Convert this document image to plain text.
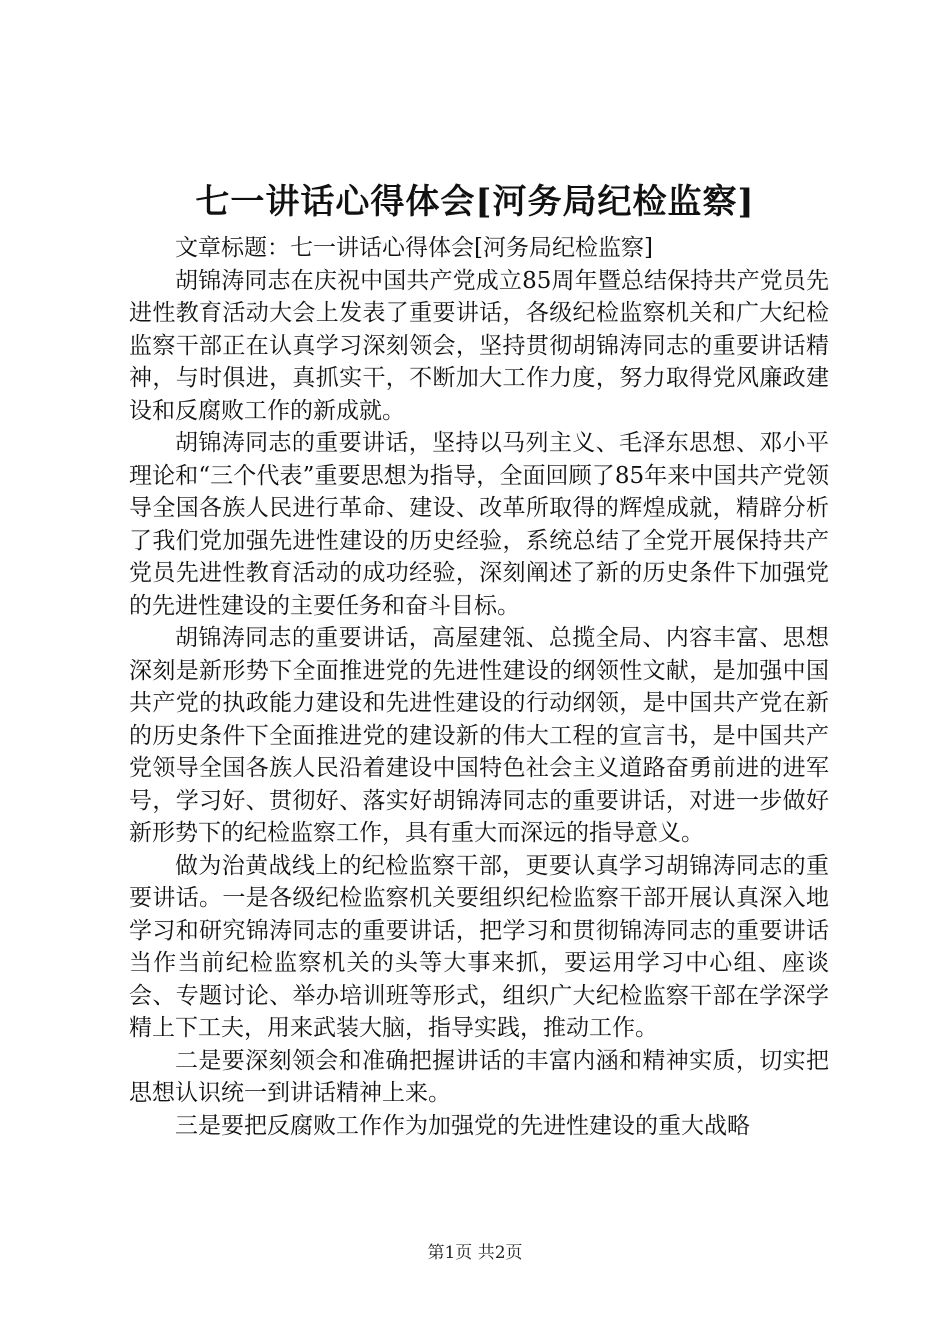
七一讲话心得体会[河务局纪检监察]

文章标题：七一讲话心得体会[河务局纪检监察]

胡锦涛同志在庆祝中国共产党成立85周年暨总结保持共产党员先进性教育活动大会上发表了重要讲话，各级纪检监察机关和广大纪检监察干部正在认真学习深刻领会，坚持贯彻胡锦涛同志的重要讲话精神，与时俱进，真抓实干，不断加大工作力度，努力取得党风廉政建设和反腐败工作的新成就。

胡锦涛同志的重要讲话，坚持以马列主义、毛泽东思想、邓小平理论和“三个代表”重要思想为指导，全面回顾了85年来中国共产党领导全国各族人民进行革命、建设、改革所取得的辉煌成就，精辟分析了我们党加强先进性建设的历史经验，系统总结了全党开展保持共产党员先进性教育活动的成功经验，深刻阐述了新的历史条件下加强党的先进性建设的主要任务和奋斗目标。

胡锦涛同志的重要讲话，高屋建瓴、总揽全局、内容丰富、思想深刻是新形势下全面推进党的先进性建设的纲领性文献，是加强中国共产党的执政能力建设和先进性建设的行动纲领，是中国共产党在新的历史条件下全面推进党的建设新的伟大工程的宣言书，是中国共产党领导全国各族人民沿着建设中国特色社会主义道路奋勇前进的进军号，学习好、贯彻好、落实好胡锦涛同志的重要讲话，对进一步做好新形势下的纪检监察工作，具有重大而深远的指导意义。

做为治黄战线上的纪检监察干部，更要认真学习胡锦涛同志的重要讲话。一是各级纪检监察机关要组织纪检监察干部开展认真深入地学习和研究锦涛同志的重要讲话，把学习和贯彻锦涛同志的重要讲话当作当前纪检监察机关的头等大事来抓，要运用学习中心组、座谈会、专题讨论、举办培训班等形式，组织广大纪检监察干部在学深学精上下工夫，用来武装大脑，指导实践，推动工作。

二是要深刻领会和准确把握讲话的丰富内涵和精神实质，切实把思想认识统一到讲话精神上来。

三是要把反腐败工作作为加强党的先进性建设的重大战略

第1页 共2页
